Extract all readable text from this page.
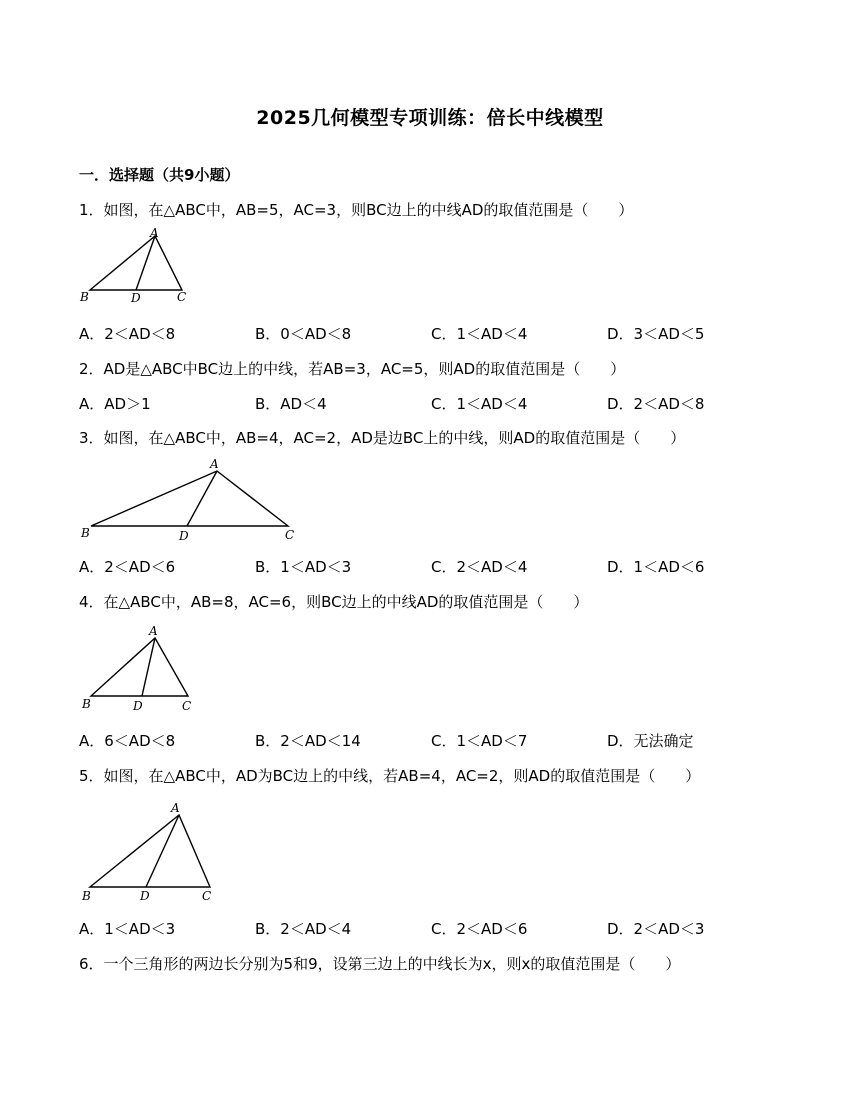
2025几何模型专项训练：倍长中线模型
一．选择题（共9小题）
1．如图，在△ABC中，AB=5，AC=3，则BC边上的中线AD的取值范围是（　　）
A
B	D	C
A．2＜AD＜8	B．0＜AD＜8	C．1＜AD＜4	D．3＜AD＜5
2．AD是△ABC中BC边上的中线，若AB=3，AC=5，则AD的取值范围是（　　）
A．AD＞1	B．AD＜4	C．1＜AD＜4	D．2＜AD＜8
3．如图，在△ABC中，AB=4，AC=2，AD是边BC上的中线，则AD的取值范围是（　　）
A
B	D	C
A．2＜AD＜6	B．1＜AD＜3	C．2＜AD＜4	D．1＜AD＜6
4．在△ABC中，AB=8，AC=6，则BC边上的中线AD的取值范围是（　　）
A
B	D	C
A．6＜AD＜8	B．2＜AD＜14	C．1＜AD＜7	D．无法确定
5．如图，在△ABC中，AD为BC边上的中线，若AB=4，AC=2，则AD的取值范围是（　　）
A
B	D	C
A．1＜AD＜3	B．2＜AD＜4	C．2＜AD＜6	D．2＜AD＜3
6．一个三角形的两边长分别为5和9，设第三边上的中线长为x，则x的取值范围是（　　）
